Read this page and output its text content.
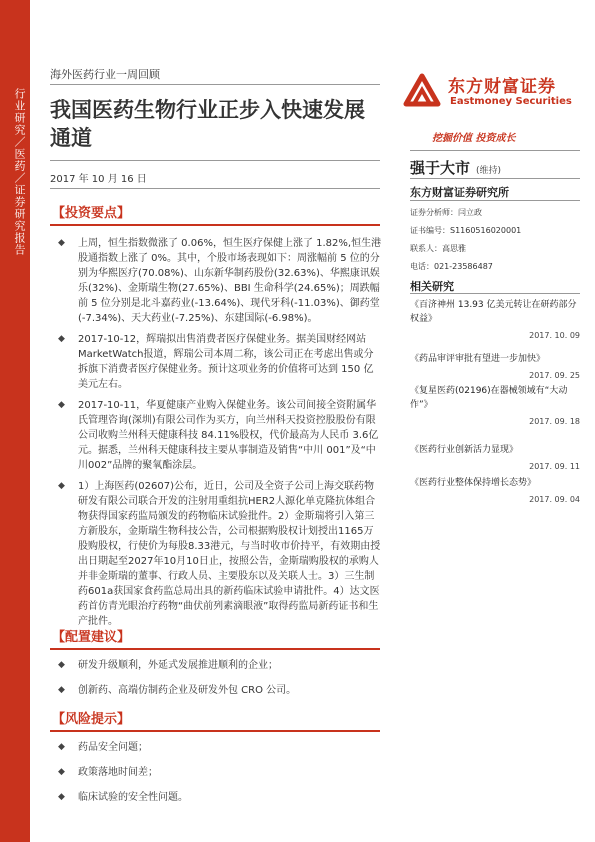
行业研究／医药／证券研究报告
海外医药行业一周回顾
我国医药生物行业正步入快速发展通道
2017 年 10 月 16 日
东方财富证券
Eastmoney Securities
挖掘价值 投资成长
强于大市 (维持)
东方财富证券研究所
证券分析师：闫立政
证书编号：S1160516020001
联系人：高思雅
电话：021-23586487
相关研究
《百济神州 13.93 亿美元转让在研药部分权益》
2017. 10. 09
《药品审评审批有望进一步加快》
2017. 09. 25
《复星医药(02196)在器械领域有“大动作”》
2017. 09. 18
《医药行业创新活力显现》
2017. 09. 11
《医药行业整体保持增长态势》
2017. 09. 04
【投资要点】
◆ 上周，恒生指数微涨了 0.06%，恒生医疗保健上涨了 1.82%,恒生港股通指数上涨了 0%。其中，个股市场表现如下：周涨幅前 5 位的分别为华熙医疗(70.08%)、山东新华制药股份(32.63%)、华熙康讯娱乐(32%)、金斯瑞生物(27.65%)、BBI 生命科学(24.65%)；周跌幅前 5 位分别是北斗嘉药业(-13.64%)、现代牙科(-11.03%)、御药堂(-7.34%)、天大药业(-7.25%)、东建国际(-6.98%)。
◆ 2017-10-12，辉瑞拟出售消费者医疗保健业务。据美国财经网站MarketWatch报道，辉瑞公司本周二称，该公司正在考虑出售或分拆旗下消费者医疗保健业务。预计这项业务的价值将可达到 150 亿美元左右。
◆ 2017-10-11，华夏健康产业购入保健业务。该公司间接全资附属华氏管理咨询(深圳)有限公司作为买方，向兰州科天投资控股股份有限公司收购兰州科天健康科技 84.11%股权，代价最高为人民币 3.6亿元。据悉，兰州科天健康科技主要从事制造及销售“中川 001”及“中川002”品牌的聚氧酯涂层。
◆ 1）上海医药(02607)公布，近日，公司及全资子公司上海交联药物研发有限公司联合开发的注射用重组抗HER2人源化单克隆抗体组合物获得国家药监局颁发的药物临床试验批件。2）金斯瑞将引入第三方新股东，金斯瑞生物科技公告，公司根据购股权计划授出1165万股购股权，行使价为每股8.33港元，与当时收市价持平，有效期由授出日期起至2027年10月10日止，按照公告，金斯瑞购股权的承购人并非金斯瑞的董事、行政人员、主要股东以及关联人士。3）三生制药601a获国家食药监总局出具的新药临床试验申请批件。4）达文医药首仿青光眼治疗药物“曲伏前列素滴眼液”取得药监局新药证书和生产批件。
【配置建议】
◆ 研发升级顺利，外延式发展推进顺利的企业；
◆ 创新药、高端仿制药企业及研发外包 CRO 公司。
【风险提示】
◆ 药品安全问题；
◆ 政策落地时间差；
◆ 临床试验的安全性问题。
